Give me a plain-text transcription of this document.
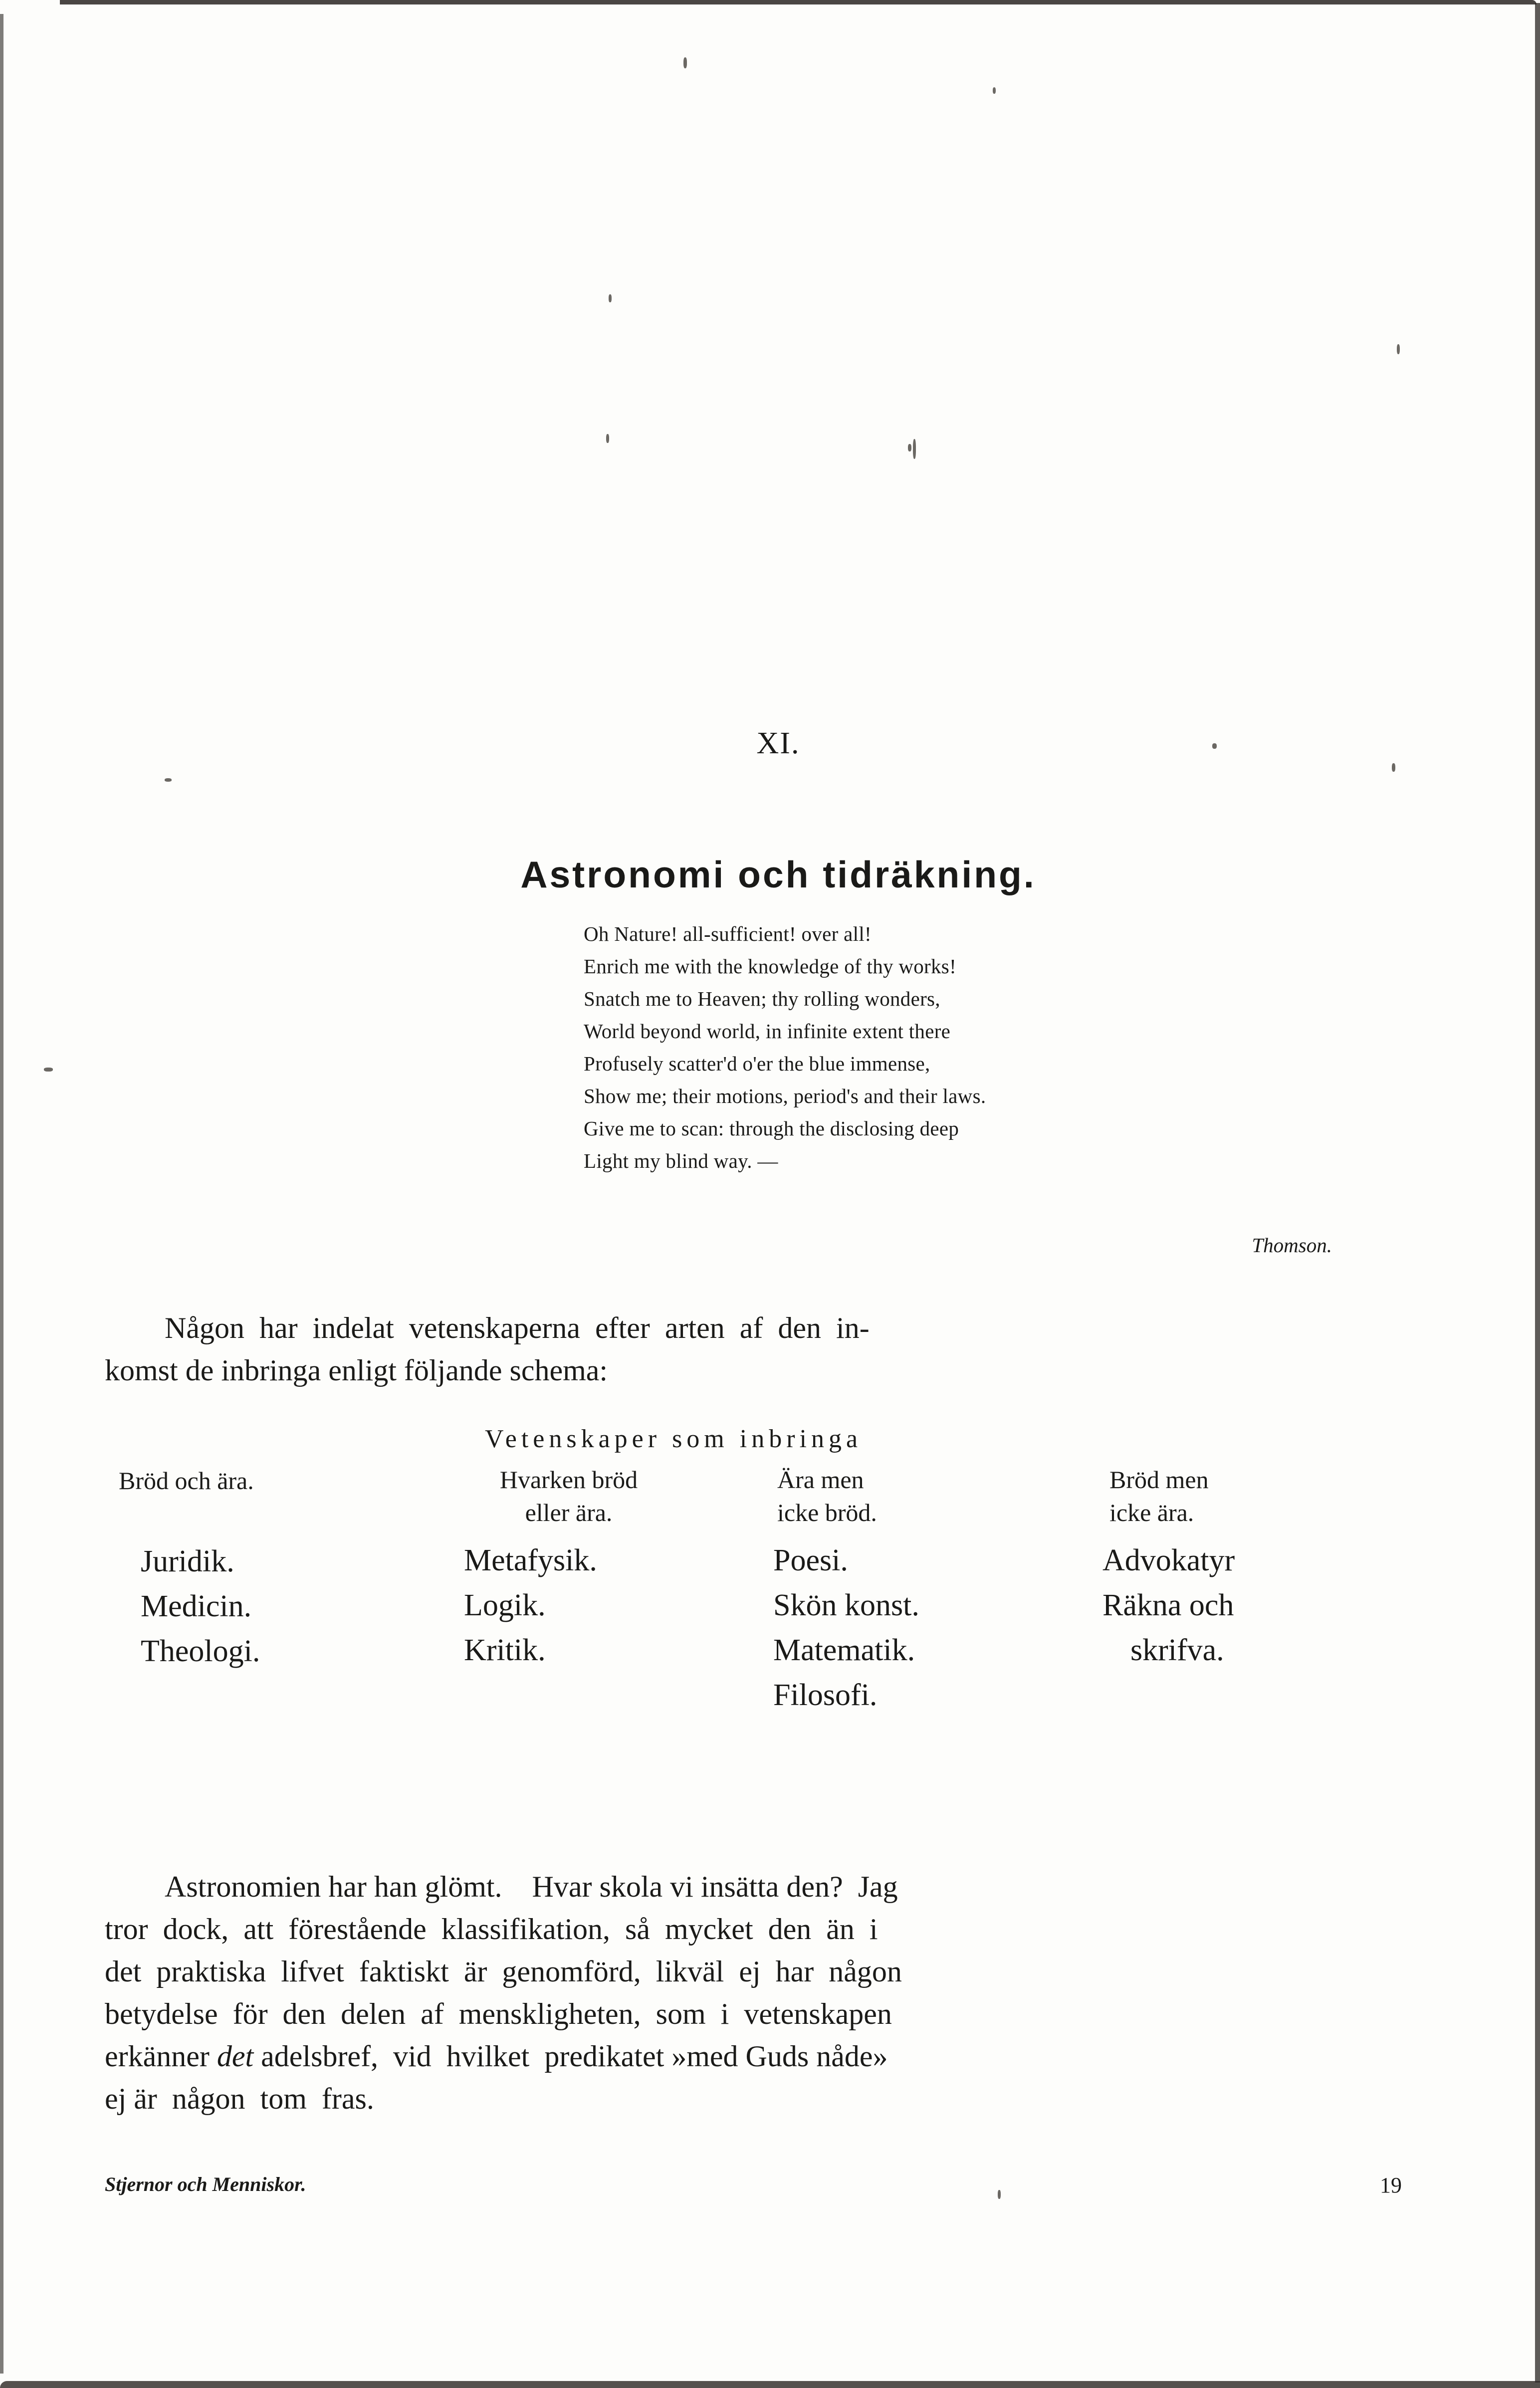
XI.
Astronomi och tidräkning.
Oh Nature! all-sufficient! over all!
Enrich me with the knowledge of thy works!
Snatch me to Heaven; thy rolling wonders,
World beyond world, in infinite extent there
Profusely scatter'd o'er the blue immense,
Show me; their motions, period's and their laws.
Give me to scan: through the disclosing deep
Light my blind way. —
Thomson.

Någon  har  indelat  vetenskaperna  efter  arten  af  den  in-
komst de inbringa enligt följande schema:

Vetenskaper som inbringa
Bröd och ära.
Juridik.
Medicin.
Theologi.
Hvarken bröd
eller ära.
Metafysik.
Logik.
Kritik.
Ära men
icke bröd.
Poesi.
Skön konst.
Matematik.
Filosofi.
Bröd men
icke ära.
Advokatyr
Räkna och
skrifva.

Astronomien har han glömt.    Hvar skola vi insätta den?  Jag
tror  dock,  att  förestående  klassifikation,  så  mycket  den  än  i
det  praktiska  lifvet  faktiskt  är  genomförd,  likväl  ej  har  någon
betydelse  för  den  delen  af  menskligheten,  som  i  vetenskapen
erkänner det adelsbref,  vid  hvilket  predikatet »med Guds nåde»
ej är  någon  tom  fras.

Stjernor och Menniskor.	19
